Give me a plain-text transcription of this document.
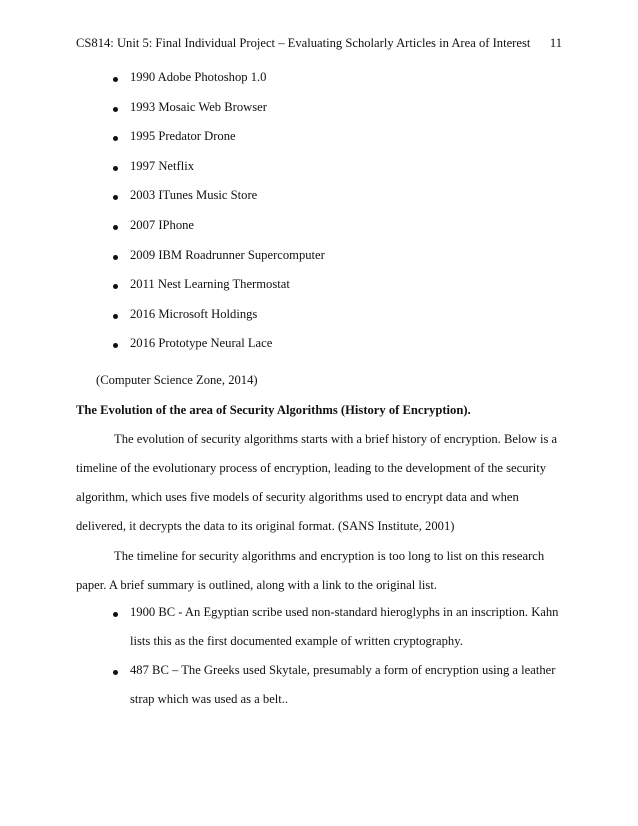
CS814: Unit 5: Final Individual Project – Evaluating Scholarly Articles in Area of Interest 11
1990 Adobe Photoshop 1.0
1993 Mosaic Web Browser
1995 Predator Drone
1997 Netflix
2003 ITunes Music Store
2007 IPhone
2009 IBM Roadrunner Supercomputer
2011 Nest Learning Thermostat
2016 Microsoft Holdings
2016 Prototype Neural Lace
(Computer Science Zone, 2014)
The Evolution of the area of Security Algorithms (History of Encryption).
The evolution of security algorithms starts with a brief history of encryption. Below is a
timeline of the evolutionary process of encryption, leading to the development of the security
algorithm, which uses five models of security algorithms used to encrypt data and when
delivered, it decrypts the data to its original format. (SANS Institute, 2001)
The timeline for security algorithms and encryption is too long to list on this research
paper. A brief summary is outlined, along with a link to the original list.
1900 BC - An Egyptian scribe used non-standard hieroglyphs in an inscription. Kahn
lists this as the first documented example of written cryptography.
487 BC – The Greeks used Skytale, presumably a form of encryption using a leather
strap which was used as a belt..
